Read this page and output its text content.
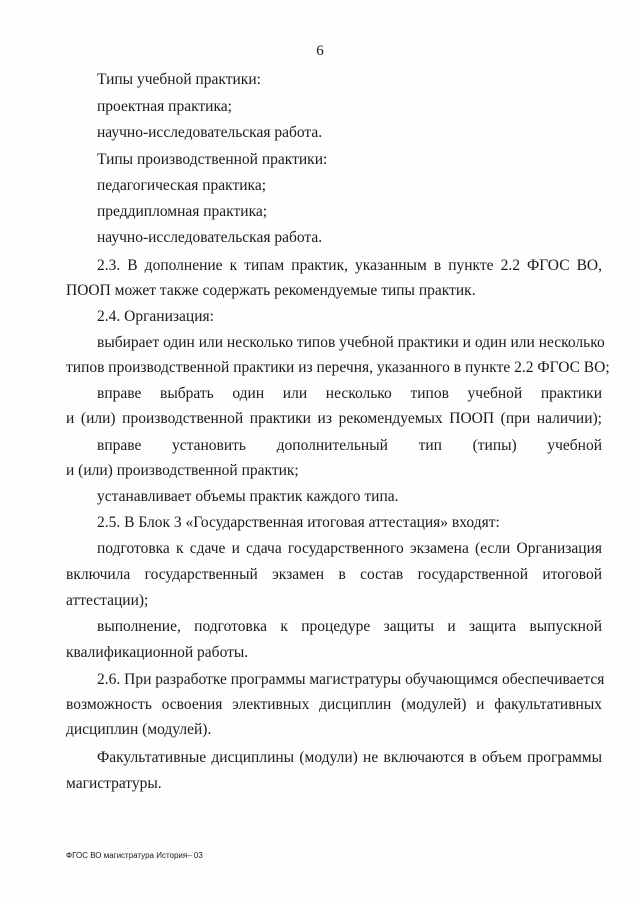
6
Типы учебной практики:
проектная практика;
научно-исследовательская работа.
Типы производственной практики:
педагогическая практика;
преддипломная практика;
научно-исследовательская работа.
2.3. В дополнение к типам практик, указанным в пункте 2.2 ФГОС ВО,
ПООП может также содержать рекомендуемые типы практик.
2.4. Организация:
выбирает один или несколько типов учебной практики и один или несколько
типов производственной практики из перечня, указанного в пункте 2.2 ФГОС ВО;
вправе выбрать один или несколько типов учебной практики
и (или) производственной практики из рекомендуемых ПООП (при наличии);
вправе установить дополнительный тип (типы) учебной
и (или) производственной практик;
устанавливает объемы практик каждого типа.
2.5. В Блок 3 «Государственная итоговая аттестация» входят:
подготовка к сдаче и сдача государственного экзамена (если Организация
включила государственный экзамен в состав государственной итоговой
аттестации);
выполнение, подготовка к процедуре защиты и защита выпускной
квалификационной работы.
2.6. При разработке программы магистратуры обучающимся обеспечивается
возможность освоения элективных дисциплин (модулей) и факультативных
дисциплин (модулей).
Факультативные дисциплины (модули) не включаются в объем программы
магистратуры.
ФГОС ВО магистратура История– 03
